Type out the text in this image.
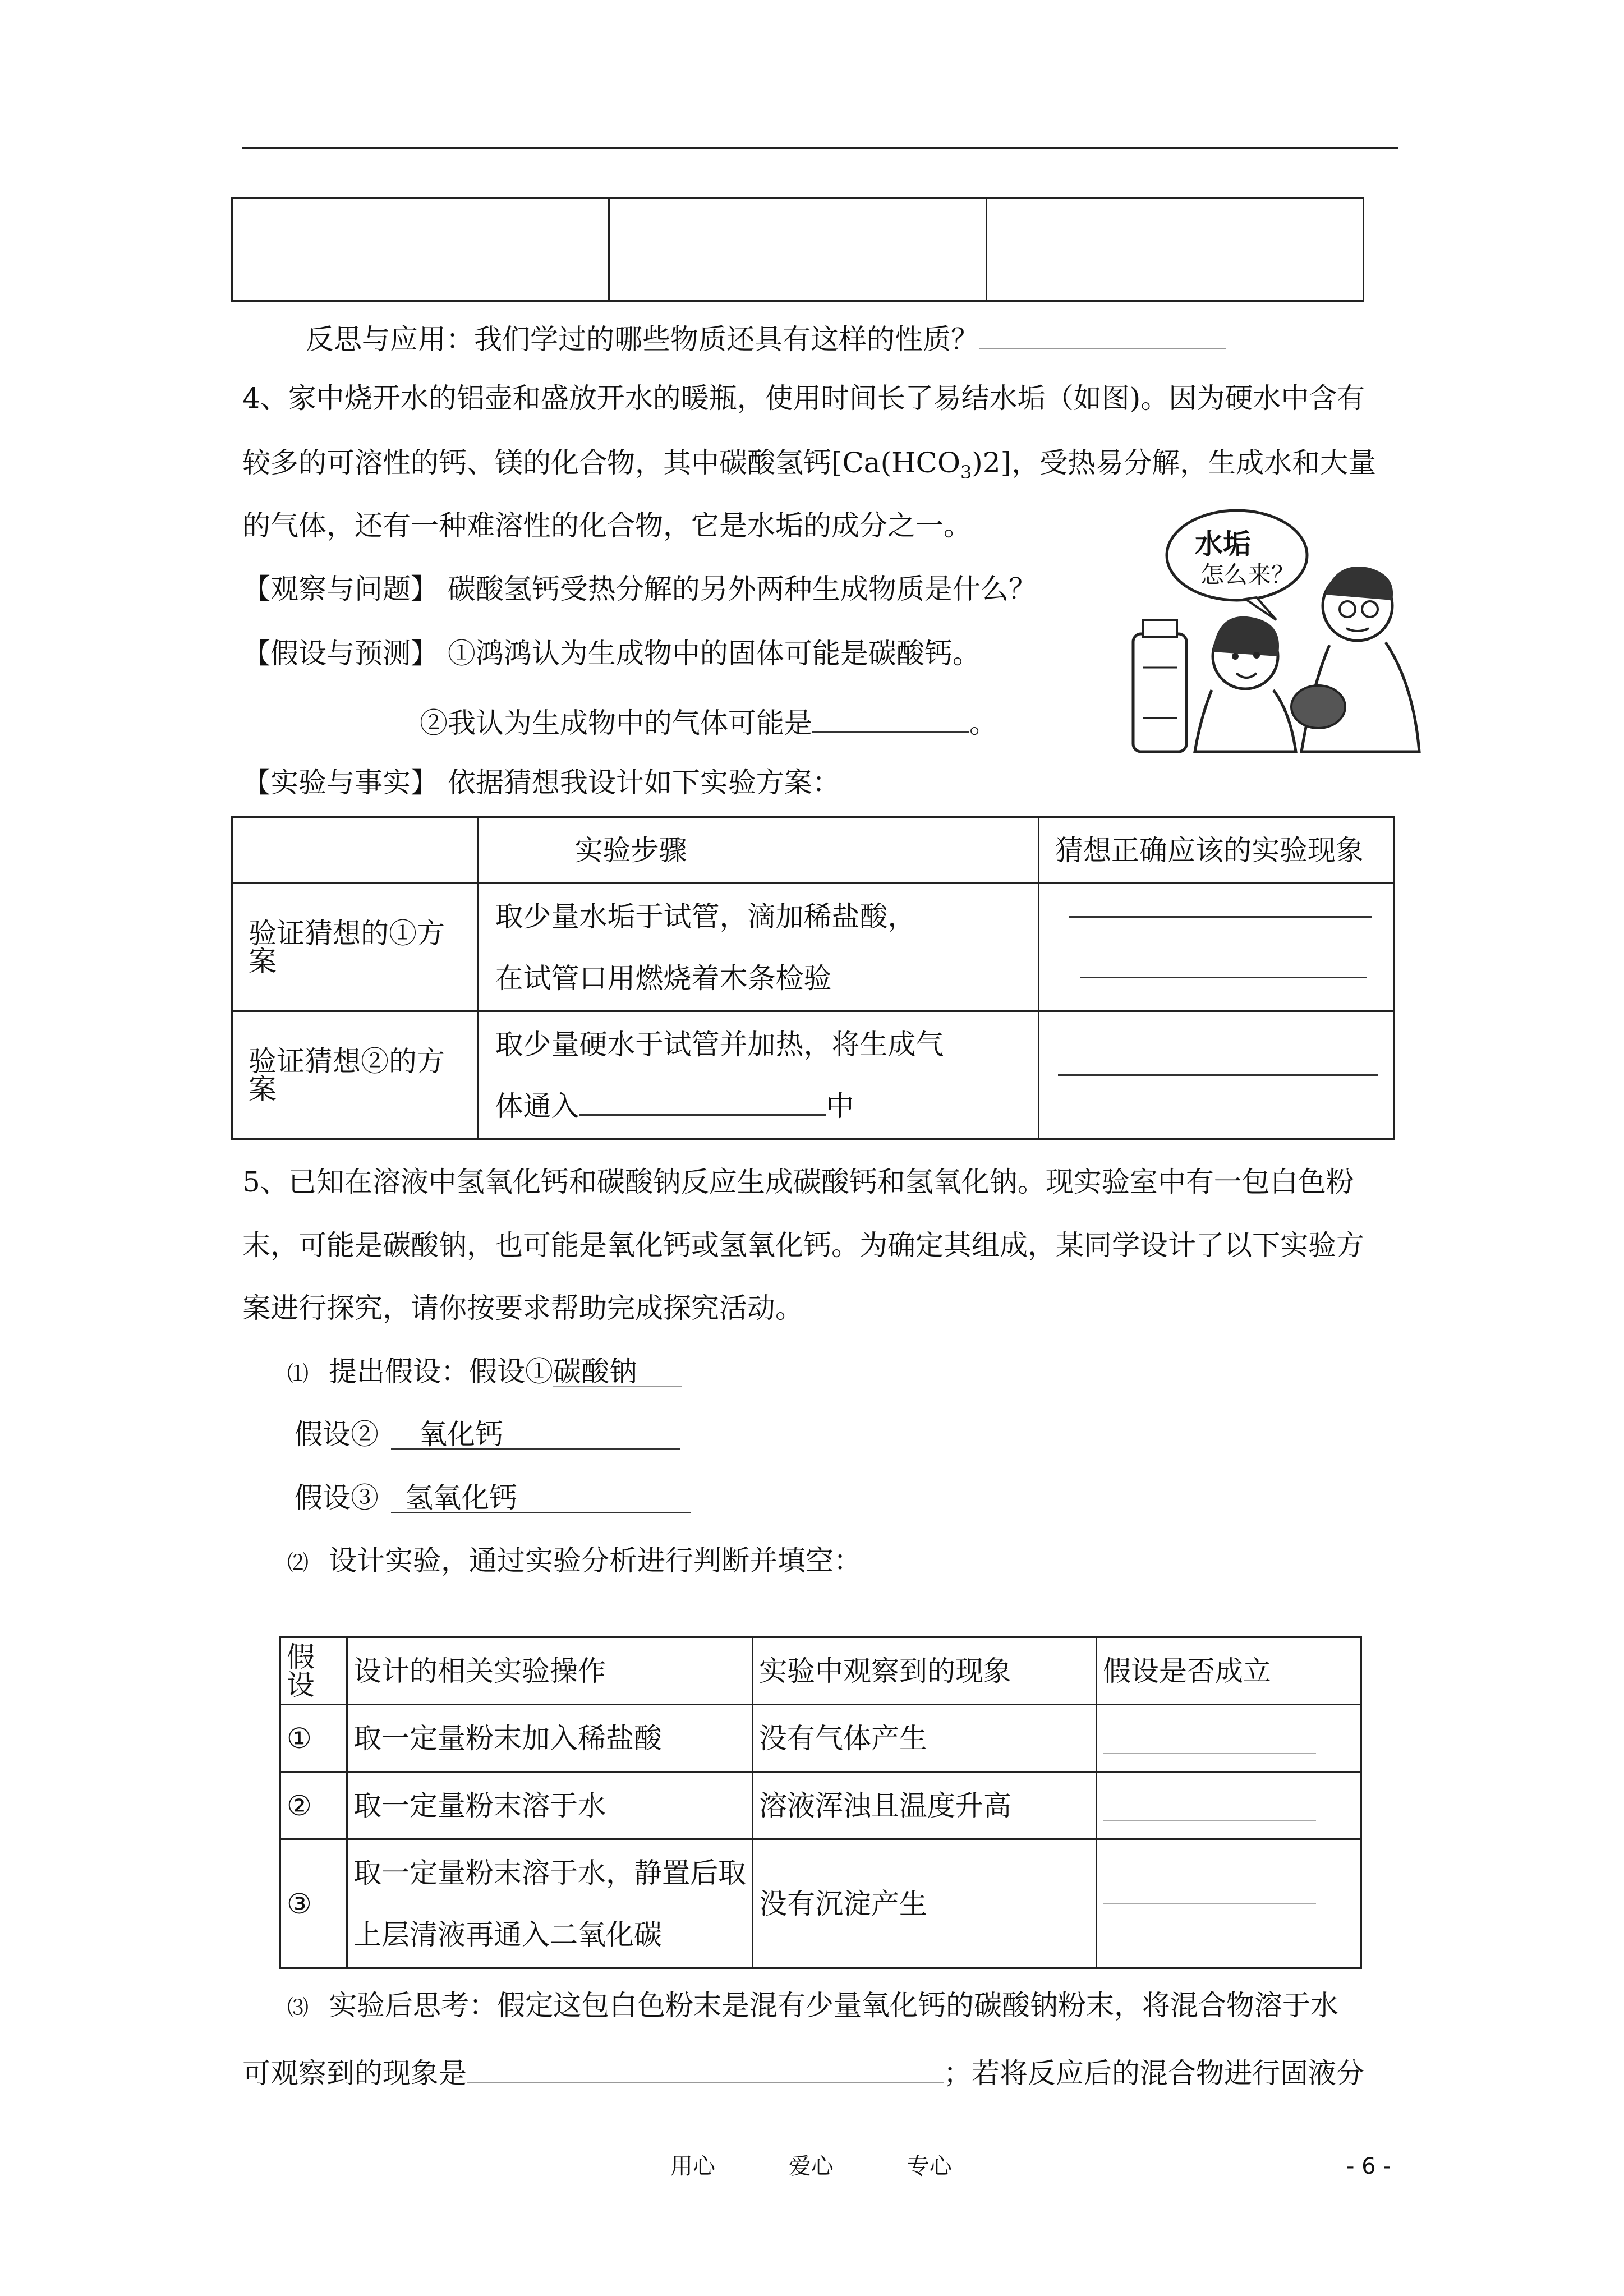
反思与应用：我们学过的哪些物质还具有这样的性质？
4、家中烧开水的铝壶和盛放开水的暖瓶，使用时间长了易结水垢（如图)。因为硬水中含有
较多的可溶性的钙、镁的化合物，其中碳酸氢钙$[Ca(HCO_3)2]$，受热易分解，生成水和大量
的气体，还有一种难溶性的化合物，它是水垢的成分之一。
【观察与问题】 碳酸氢钙受热分解的另外两种生成物质是什么？
【假设与预测】 ①鸿鸿认为生成物中的固体可能是碳酸钙。
②我认为生成物中的气体可能是	。
【实验与事实】 依据猜想我设计如下实验方案：
水垢
怎么来？
	实验步骤	猜想正确应该的实验现象
验证猜想的①方案	取少量水垢于试管，滴加稀盐酸，
在试管口用燃烧着木条检验	

验证猜想②的方案	取少量硬水于试管并加热，将生成气
体通入 中	

5、已知在溶液中氢氧化钙和碳酸钠反应生成碳酸钙和氢氧化钠。现实验室中有一包白色粉
末，可能是碳酸钠，也可能是氧化钙或氢氧化钙。为确定其组成，某同学设计了以下实验方
案进行探究，请你按要求帮助完成探究活动。
⑴ 提出假设：假设①碳酸钠
假设② 氧化钙
假设③ 氢氧化钙
⑵ 设计实验，通过实验分析进行判断并填空：
假设	设计的相关实验操作	实验中观察到的现象	假设是否成立
①	取一定量粉末加入稀盐酸	没有气体产生	

②	取一定量粉末溶于水	溶液浑浊且温度升高	

③	取一定量粉末溶于水，静置后取
上层清液再通入二氧化碳	没有沉淀产生	
⑶ 实验后思考：假定这包白色粉末是混有少量氧化钙的碳酸钠粉末，将混合物溶于水
可观察到的现象是	；若将反应后的混合物进行固液分
用心    爱心    专心	- 6 -
